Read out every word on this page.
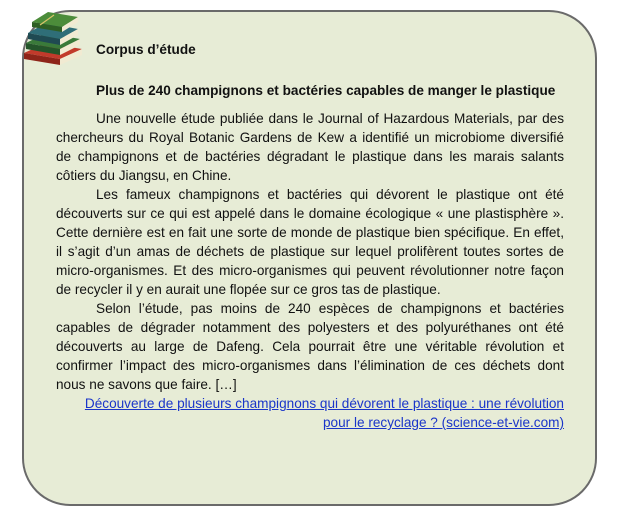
Corpus d’étude

Plus de 240 champignons et bactéries capables de manger le plastique

Une nouvelle étude publiée dans le Journal of Hazardous Materials, par des chercheurs du Royal Botanic Gardens de Kew a identifié un microbiome diversifié de champignons et de bactéries dégradant le plastique dans les marais salants côtiers du Jiangsu, en Chine.

Les fameux champignons et bactéries qui dévorent le plastique ont été découverts sur ce qui est appelé dans le domaine écologique « une plastisphère ». Cette dernière est en fait une sorte de monde de plastique bien spécifique. En effet, il s’agit d’un amas de déchets de plastique sur lequel prolifèrent toutes sortes de micro-organismes. Et des micro-organismes qui peuvent révolutionner notre façon de recycler il y en aurait une flopée sur ce gros tas de plastique.

Selon l’étude, pas moins de 240 espèces de champignons et bactéries capables de dégrader notamment des polyesters et des polyuréthanes ont été découverts au large de Dafeng. Cela pourrait être une véritable révolution et confirmer l’impact des micro-organismes dans l’élimination de ces déchets dont nous ne savons que faire. […]

Découverte de plusieurs champignons qui dévorent le plastique : une révolution pour le recyclage ? (science-et-vie.com)
